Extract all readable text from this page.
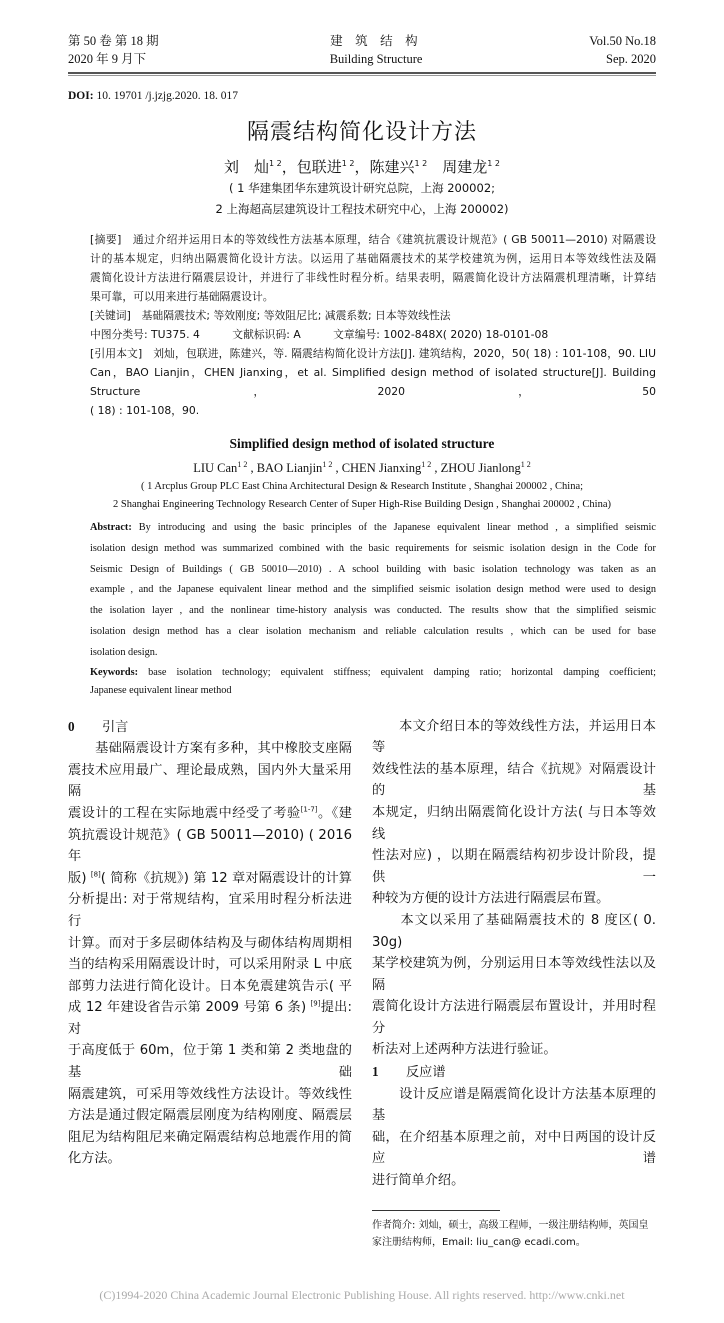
第 50 卷 第 18 期	建　筑　结　构	Vol.50 No.18
2020 年 9 月下	Building Structure	Sep. 2020
DOI: 10. 19701 /j.jzjg.2020. 18. 017
隔震结构简化设计方法
刘　灿$^{1 2}$，包联进$^{1 2}$，陈建兴$^{1 2}$　 周建龙$^{1 2}$
( 1 华建集团华东建筑设计研究总院，上海 200002;
2 上海超高层建筑设计工程技术研究中心，上海 200002)
[摘要]　通过介绍并运用日本的等效线性方法基本原理，结合《建筑抗震设计规范》( GB 50011—2010) 对隔震设
计的基本规定，归纳出隔震简化设计方法。以运用了基础隔震技术的某学校建筑为例，运用日本等效线性法及隔
震简化设计方法进行隔震层设计，并进行了非线性时程分析。结果表明，隔震简化设计方法隔震机理清晰，计算结
果可靠，可以用来进行基础隔震设计。
[关键词]　基础隔震技术; 等效刚度; 等效阻尼比; 减震系数; 日本等效线性法
中图分类号: TU375. 4　　　文献标识码: A　　　文章编号: 1002-848X( 2020) 18-0101-08
[引用本文]　刘灿，包联进，陈建兴，等. 隔震结构简化设计方法[J]. 建筑结构，2020，50( 18) : 101-108，90. LIU
Can，BAO Lianjin，CHEN Jianxing，et al. Simplified design method of isolated structure[J]. Building Structure，2020，50
( 18) : 101-108，90.
Simplified design method of isolated structure
LIU Can$^{1 2}$ , BAO Lianjin$^{1 2}$ , CHEN Jianxing$^{1 2}$ , ZHOU Jianlong$^{1 2}$
( 1 Arcplus Group PLC East China Architectural Design & Research Institute , Shanghai 200002 , China;
2 Shanghai Engineering Technology Research Center of Super High-Rise Building Design , Shanghai 200002 , China)
Abstract: By introducing and using the basic principles of the Japanese equivalent linear method , a simplified seismic
isolation design method was summarized combined with the basic requirements for seismic isolation design in the Code for
Seismic Design of Buildings ( GB 50010—2010) . A school building with basic isolation technology was taken as an
example , and the Japanese equivalent linear method and the simplified seismic isolation design method were used to design
the isolation layer , and the nonlinear time-history analysis was conducted. The results show that the simplified seismic
isolation design method has a clear isolation mechanism and reliable calculation results , which can be used for base
isolation design.
Keywords: base isolation technology; equivalent stiffness; equivalent damping ratio; horizontal damping coefficient;
Japanese equivalent linear method
0 引言
　　基础隔震设计方案有多种，其中橡胶支座隔
震技术应用最广、理论最成熟，国内外大量采用隔
震设计的工程在实际地震中经受了考验[1-7]。《建
筑抗震设计规范》( GB 50011—2010) ( 2016 年
版) [8]( 简称《抗规》) 第 12 章对隔震设计的计算
分析提出: 对于常规结构，宜采用时程分析法进行
计算。而对于多层砌体结构及与砌体结构周期相
当的结构采用隔震设计时，可以采用附录 L 中底
部剪力法进行简化设计。日本免震建筑告示( 平
成 12 年建设省告示第 2009 号第 6 条) [9]提出: 对
于高度低于 60m，位于第 1 类和第 2 类地盘的基础
隔震建筑，可采用等效线性方法设计。等效线性
方法是通过假定隔震层刚度为结构刚度、隔震层
阻尼为结构阻尼来确定隔震结构总地震作用的简
化方法。
　　本文介绍日本的等效线性方法，并运用日本等
效线性法的基本原理，结合《抗规》对隔震设计的基
本规定，归纳出隔震简化设计方法( 与日本等效线
性法对应) ，以期在隔震结构初步设计阶段，提供一
种较为方便的设计方法进行隔震层布置。
　　本文以采用了基础隔震技术的 8 度区( 0. 30g)
某学校建筑为例，分别运用日本等效线性法以及隔
震简化设计方法进行隔震层布置设计，并用时程分
析法对上述两种方法进行验证。
1 反应谱
　　设计反应谱是隔震简化设计方法基本原理的基
础，在介绍基本原理之前，对中日两国的设计反应谱
进行简单介绍。
作者简介: 刘灿，硕士，高级工程师，一级注册结构师，英国皇
家注册结构师，Email: liu_can@ ecadi.com。
(C)1994-2020 China Academic Journal Electronic Publishing House. All rights reserved. http://www.cnki.net
